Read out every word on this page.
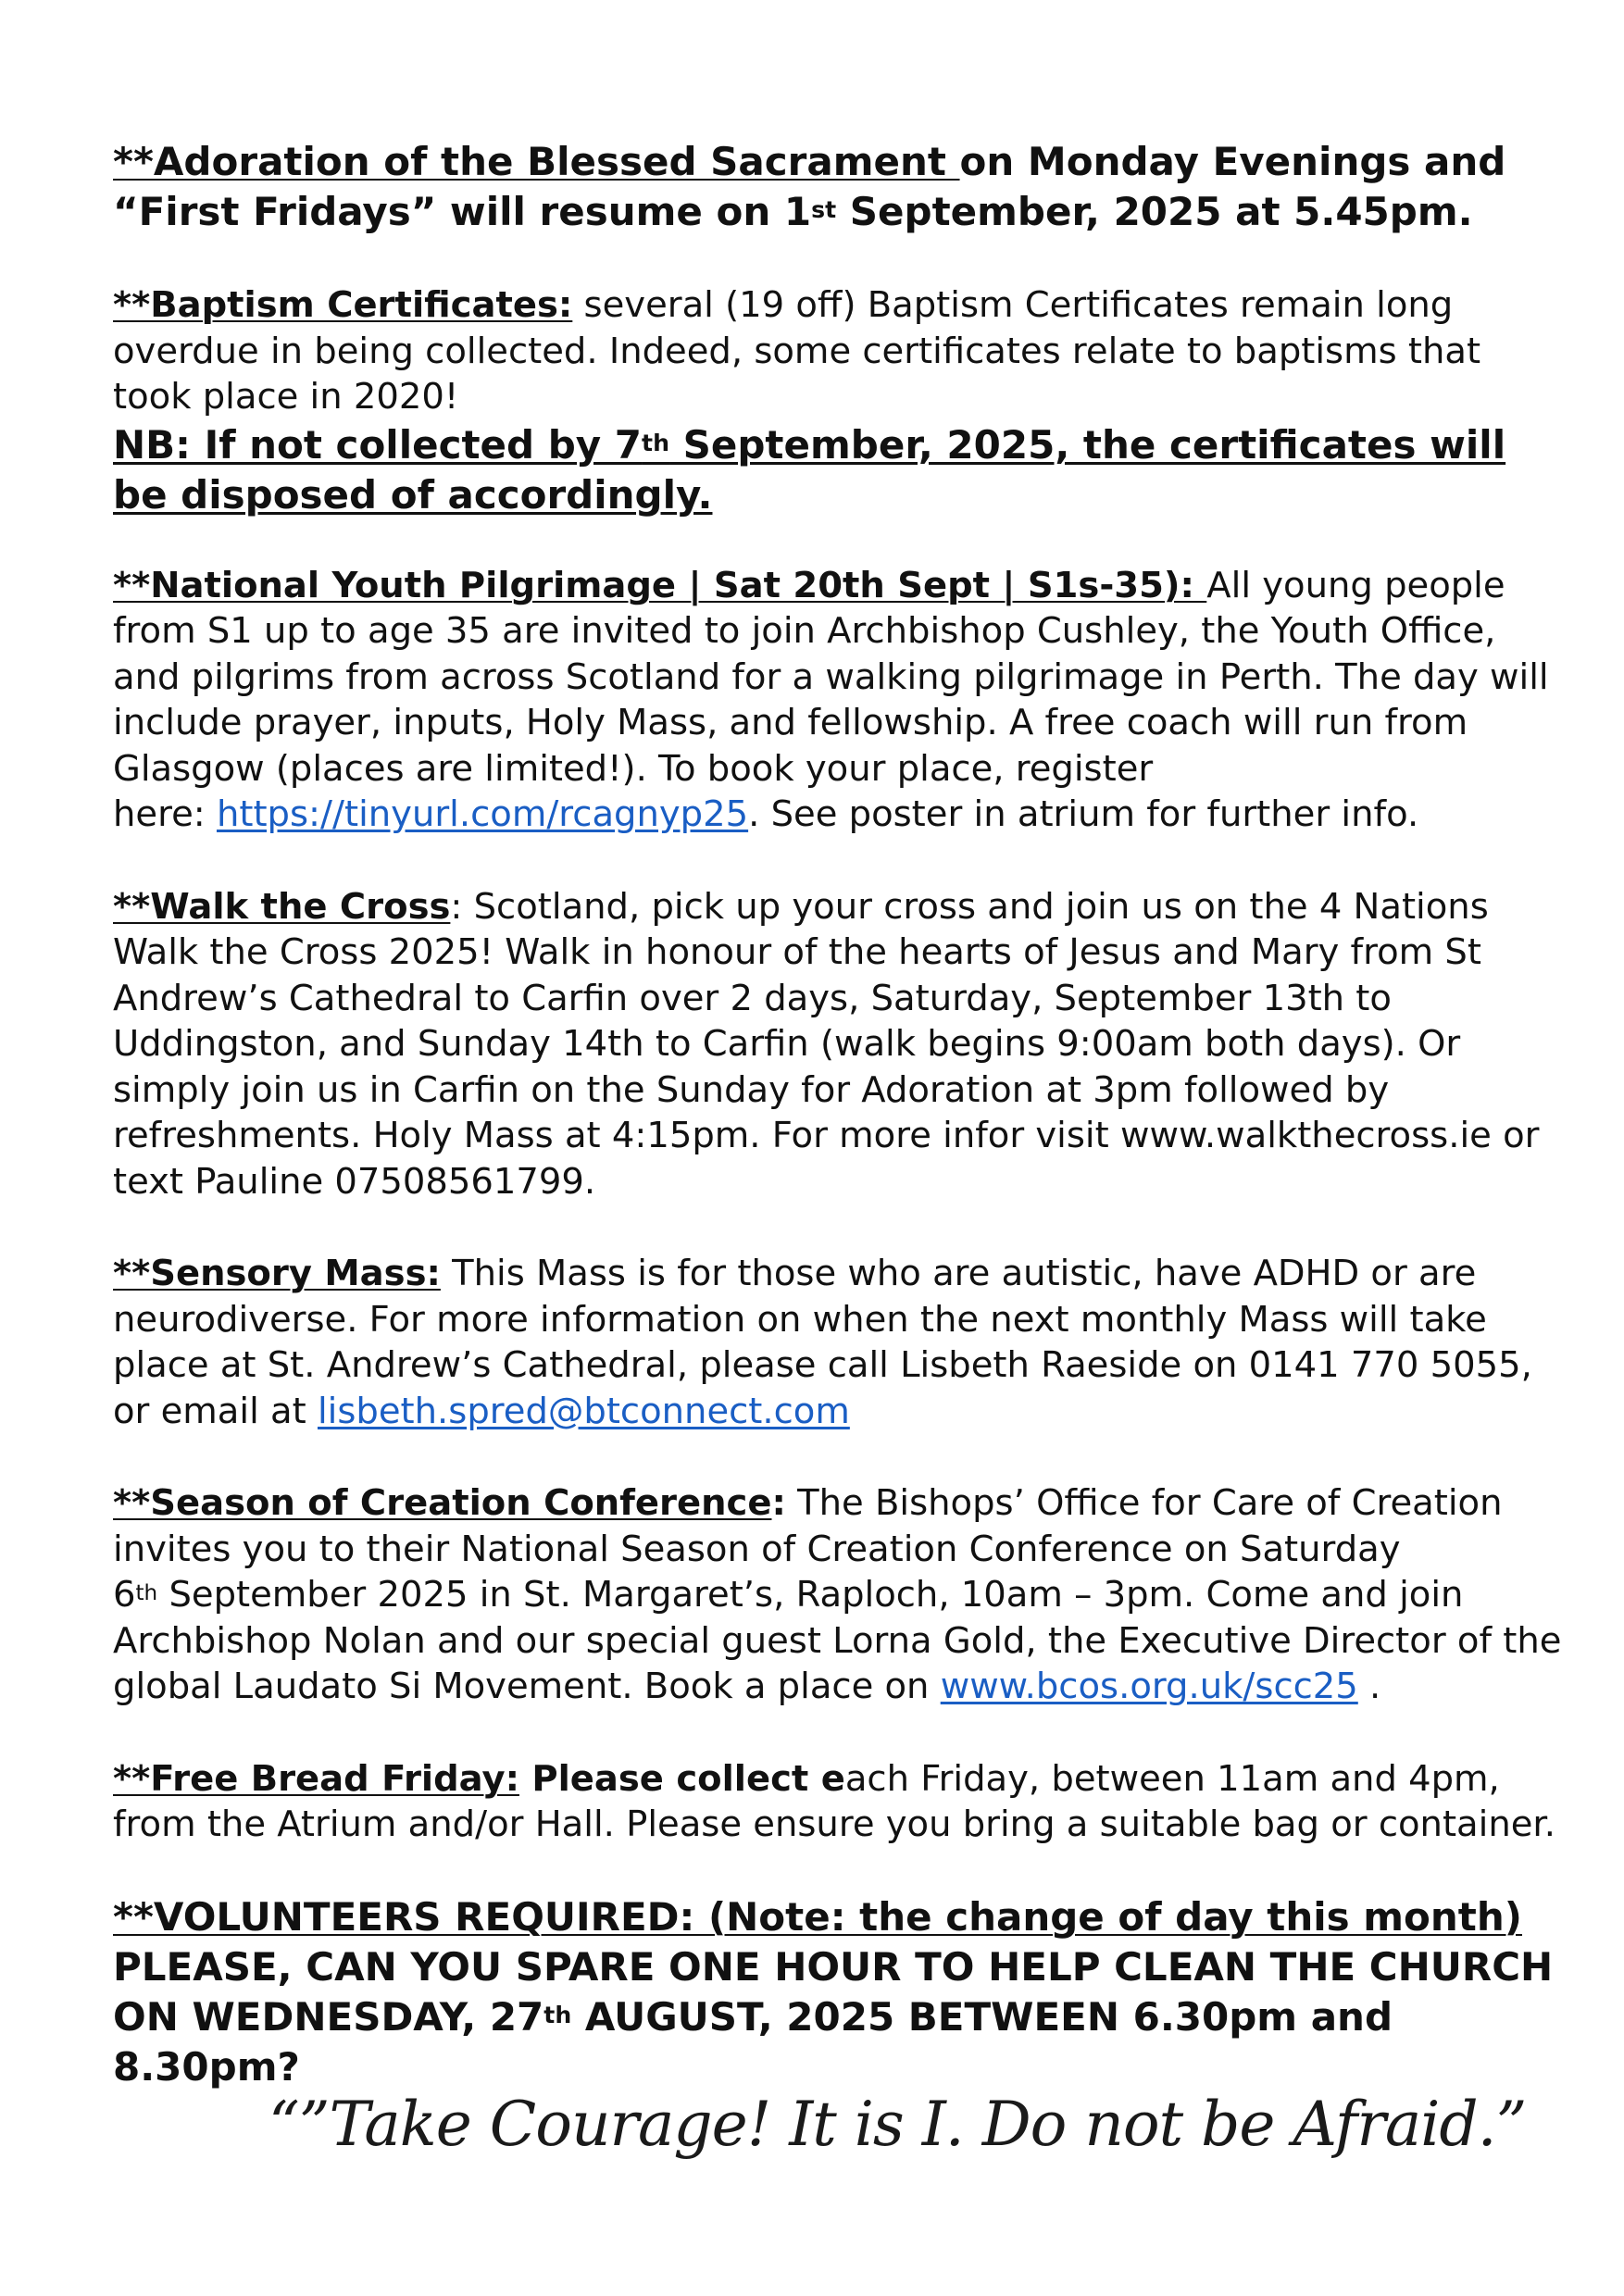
**Adoration of the Blessed Sacrament on Monday Evenings and “First Fridays” will resume on 1st September, 2025 at 5.45pm.

**Baptism Certificates: several (19 off) Baptism Certificates remain long overdue in being collected. Indeed, some certificates relate to baptisms that took place in 2020!

NB: If not collected by 7th September, 2025, the certificates will be disposed of accordingly.

**National Youth Pilgrimage | Sat 20th Sept | S1s-35): All young people from S1 up to age 35 are invited to join Archbishop Cushley, the Youth Office, and pilgrims from across Scotland for a walking pilgrimage in Perth. The day will include prayer, inputs, Holy Mass, and fellowship. A free coach will run from Glasgow (places are limited!). To book your place, register
here: https://tinyurl.com/rcagnyp25. See poster in atrium for further info.

**Walk the Cross: Scotland, pick up your cross and join us on the 4 Nations Walk the Cross 2025! Walk in honour of the hearts of Jesus and Mary from St Andrew’s Cathedral to Carfin over 2 days, Saturday, September 13th to Uddingston, and Sunday 14th to Carfin (walk begins 9:00am both days). Or simply join us in Carfin on the Sunday for Adoration at 3pm followed by refreshments. Holy Mass at 4:15pm. For more infor visit www.walkthecross.ie or text Pauline 07508561799.

**Sensory Mass: This Mass is for those who are autistic, have ADHD or are neurodiverse. For more information on when the next monthly Mass will take place at St. Andrew’s Cathedral, please call Lisbeth Raeside on 0141 770 5055, or email at lisbeth.spred@btconnect.com

**Season of Creation Conference: The Bishops’ Office for Care of Creation invites you to their National Season of Creation Conference on Saturday
6th September 2025 in St. Margaret’s, Raploch, 10am – 3pm. Come and join Archbishop Nolan and our special guest Lorna Gold, the Executive Director of the global Laudato Si Movement. Book a place on www.bcos.org.uk/scc25 .

**Free Bread Friday: Please collect each Friday, between 11am and 4pm, from the Atrium and/or Hall. Please ensure you bring a suitable bag or container.

**VOLUNTEERS REQUIRED: (Note: the change of day this month)
PLEASE, CAN YOU SPARE ONE HOUR TO HELP CLEAN THE CHURCH ON WEDNESDAY, 27th AUGUST, 2025 BETWEEN 6.30pm and 8.30pm?

“”Take Courage! It is I. Do not be Afraid.”
